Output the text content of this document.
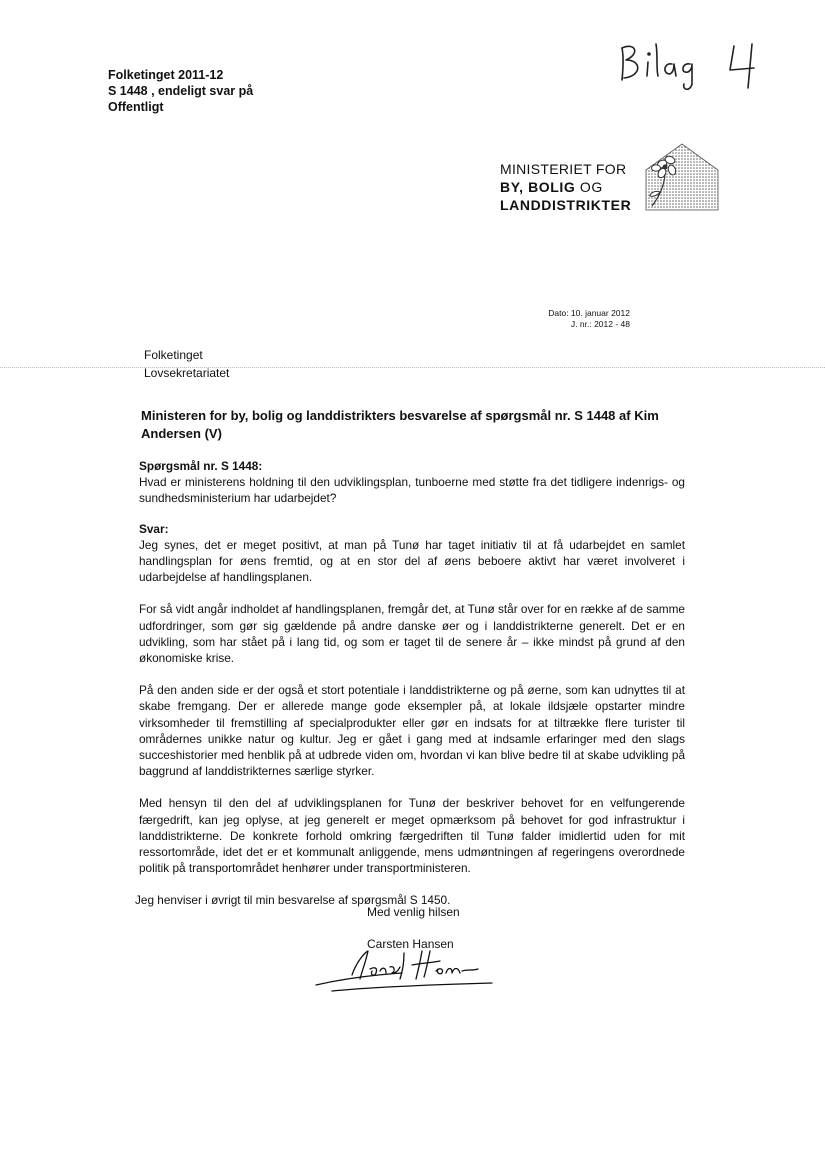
Folketinget 2011-12
S 1448 , endeligt svar på
Offentligt
MINISTERIET FOR
BY, BOLIG OG
LANDDISTRIKTER
Dato: 10. januar 2012
J. nr.: 2012 - 48
Folketinget
Lovsekretariatet
Ministeren for by, bolig og landdistrikters besvarelse af spørgsmål nr. S 1448 af Kim Andersen (V)

Spørgsmål nr. S 1448:

Hvad er ministerens holdning til den udviklingsplan, tunboerne med støtte fra det tidligere indenrigs- og sundhedsministerium har udarbejdet?

Svar:

Jeg synes, det er meget positivt, at man på Tunø har taget initiativ til at få udarbejdet en samlet handlingsplan for øens fremtid, og at en stor del af øens beboere aktivt har været involveret i udarbejdelse af handlingsplanen.

For så vidt angår indholdet af handlingsplanen, fremgår det, at Tunø står over for en række af de samme udfordringer, som gør sig gældende på andre danske øer og i landdistrikterne generelt. Det er en udvikling, som har stået på i lang tid, og som er taget til de senere år – ikke mindst på grund af den økonomiske krise.

På den anden side er der også et stort potentiale i landdistrikterne og på øerne, som kan udnyttes til at skabe fremgang. Der er allerede mange gode eksempler på, at lokale ildsjæle opstarter mindre virksomheder til fremstilling af specialprodukter eller gør en indsats for at tiltrække flere turister til områdernes unikke natur og kultur. Jeg er gået i gang med at indsamle erfaringer med den slags succeshistorier med henblik på at udbrede viden om, hvordan vi kan blive bedre til at skabe udvikling på baggrund af landdistrikternes særlige styrker.

Med hensyn til den del af udviklingsplanen for Tunø der beskriver behovet for en velfungerende færgedrift, kan jeg oplyse, at jeg generelt er meget opmærksom på behovet for god infrastruktur i landdistrikterne. De konkrete forhold omkring færgedriften til Tunø falder imidlertid uden for mit ressortområde, idet det er et kommunalt anliggende, mens udmøntningen af regeringens overordnede politik på transportområdet henhører under transportministeren.

Jeg henviser i øvrigt til min besvarelse af spørgsmål S 1450.

Med venlig hilsen
Carsten Hansen
